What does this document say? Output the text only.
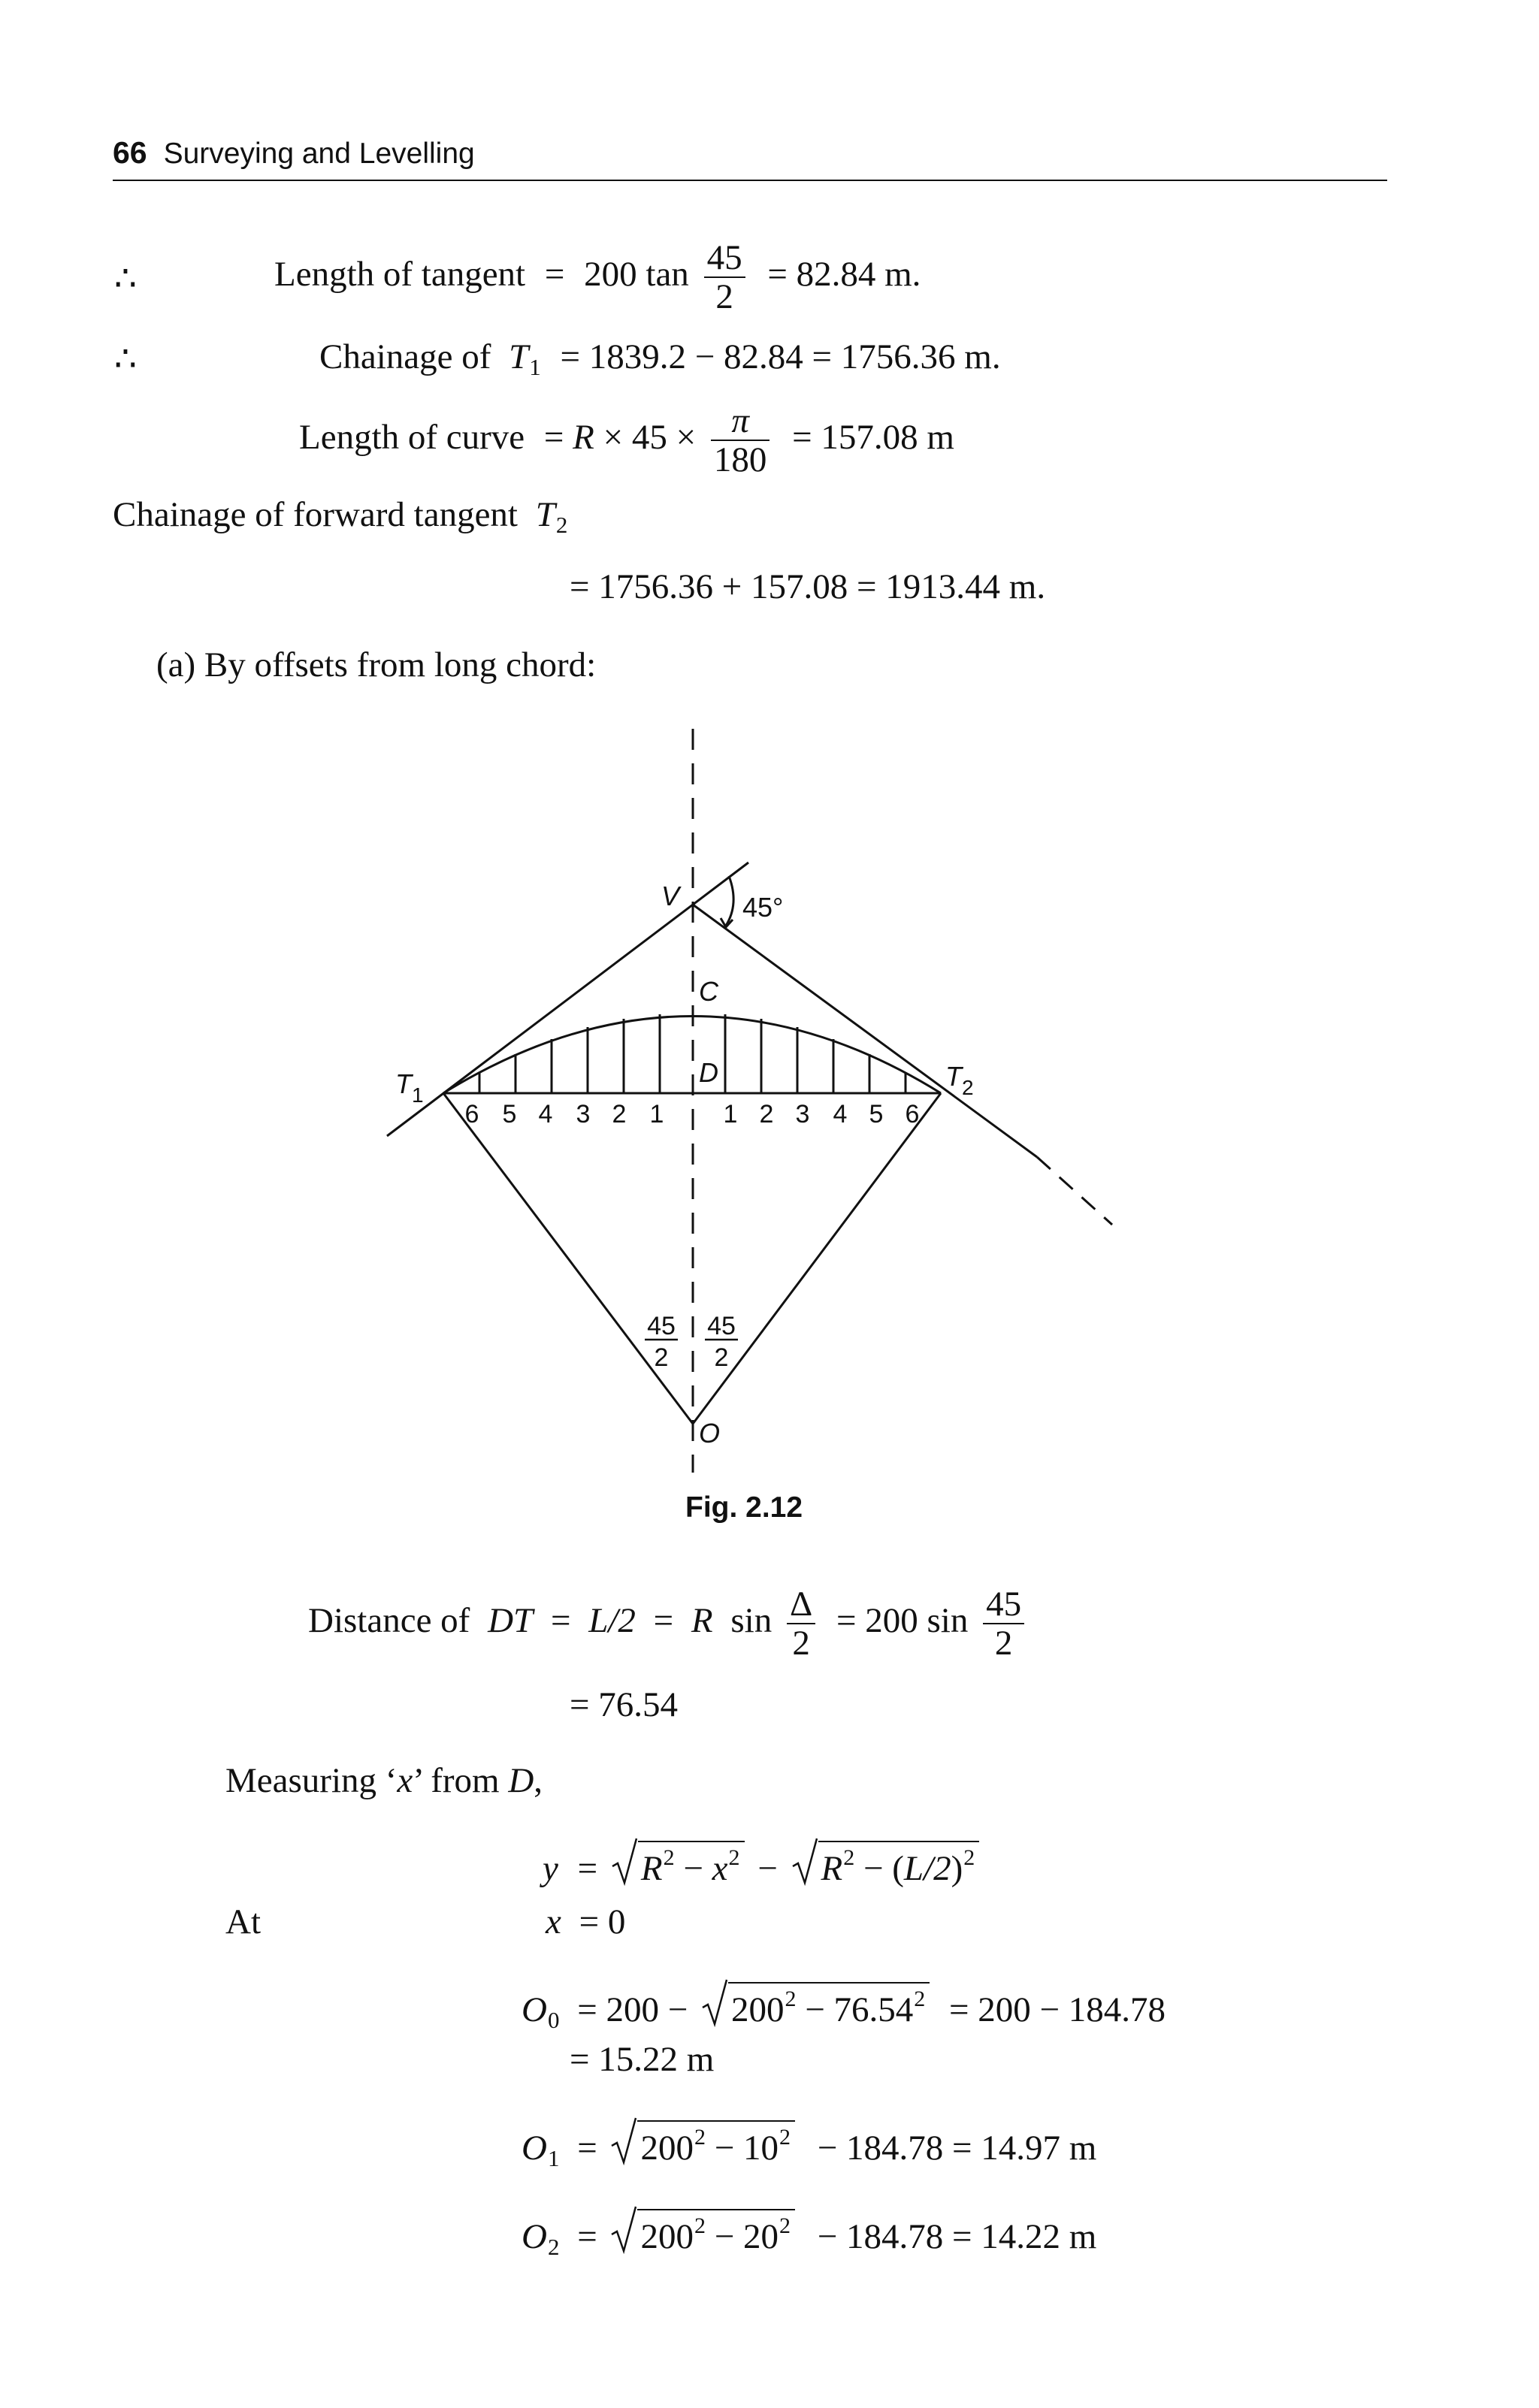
66 Surveying and Levelling
∴	Length of tangent = 200 $\tan \frac{45}{2} = 82.84$ m.
∴	Chainage of $T_1 = 1839.2 - 82.84 = 1756.36$ m.
Length of curve = $R \times 45 \times \frac{\pi}{180} = 157.08$ m
Chainage of forward tangent $T_2$
= 1756.36 + 157.08 = 1913.44 m.
(a) By offsets from long chord:
V 45°
C
D
$T_1$
$T_2$
O
6 5 4 3 2 1 1 2 3 4 5 6
45
2
45
2
Fig. 2.12
Distance of DT = L/2 = R $\sin \frac{\Delta}{2} = 200$ $\sin \frac{45}{2}$
= 76.54
Measuring ‘x’ from D,
$y = R^2 - x^2 - R^2 - (L/2)^2$
At	x = 0
$O_0 = 200 - 200^2 - 76.54^2 = 200 - 184.78$
= 15.22 m
$O_1 = 200^2 - 10^2 - 184.78 = 14.97$ m
$O_2 = 200^2 - 20^2 - 184.78 = 14.22$ m
